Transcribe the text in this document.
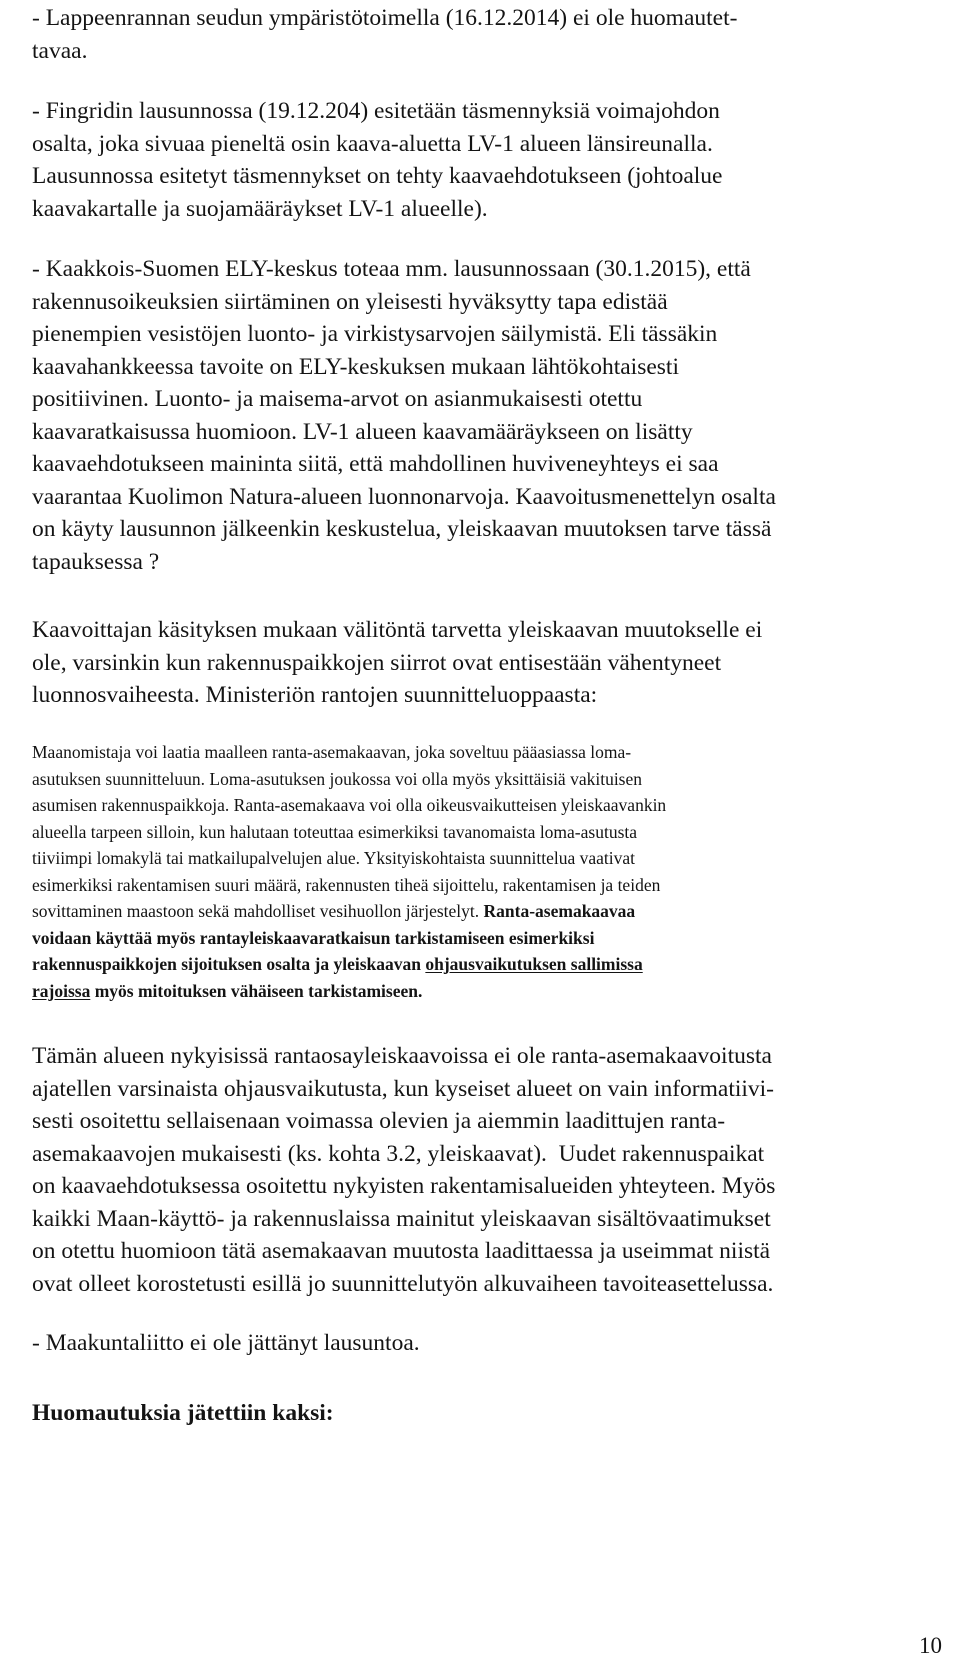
- Lappeenrannan seudun ympäristötoimella (16.12.2014) ei ole huomautet-
tavaa.
- Fingridin lausunnossa (19.12.204) esitetään täsmennyksiä voimajohdon
osalta, joka sivuaa pieneltä osin kaava-aluetta LV-1 alueen länsireunalla.
Lausunnossa esitetyt täsmennykset on tehty kaavaehdotukseen (johtoalue
kaavakartalle ja suojamääräykset LV-1 alueelle).
- Kaakkois-Suomen ELY-keskus toteaa mm. lausunnossaan (30.1.2015), että
rakennusoikeuksien siirtäminen on yleisesti hyväksytty tapa edistää
pienempien vesistöjen luonto- ja virkistysarvojen säilymistä. Eli tässäkin
kaavahankkeessa tavoite on ELY-keskuksen mukaan lähtökohtaisesti
positiivinen. Luonto- ja maisema-arvot on asianmukaisesti otettu
kaavaratkaisussa huomioon. LV-1 alueen kaavamääräykseen on lisätty
kaavaehdotukseen maininta siitä, että mahdollinen huviveneyhteys ei saa
vaarantaa Kuolimon Natura-alueen luonnonarvoja. Kaavoitusmenettelyn osalta
on käyty lausunnon jälkeenkin keskustelua, yleiskaavan muutoksen tarve tässä
tapauksessa ?
Kaavoittajan käsityksen mukaan välitöntä tarvetta yleiskaavan muutokselle ei
ole, varsinkin kun rakennuspaikkojen siirrot ovat entisestään vähentyneet
luonnosvaiheesta. Ministeriön rantojen suunnitteluoppaasta:
Maanomistaja voi laatia maalleen ranta-asemakaavan, joka soveltuu pääasiassa loma-
asutuksen suunnitteluun. Loma-asutuksen joukossa voi olla myös yksittäisiä vakituisen
asumisen rakennuspaikkoja. Ranta-asemakaava voi olla oikeusvaikutteisen yleiskaavankin
alueella tarpeen silloin, kun halutaan toteuttaa esimerkiksi tavanomaista loma-asutusta
tiiviimpi lomakylä tai matkailupalvelujen alue. Yksityiskohtaista suunnittelua vaativat
esimerkiksi rakentamisen suuri määrä, rakennusten tiheä sijoittelu, rakentamisen ja teiden
sovittaminen maastoon sekä mahdolliset vesihuollon järjestelyt. Ranta-asemakaavaa
voidaan käyttää myös rantayleiskaavaratkaisun tarkistamiseen esimerkiksi
rakennuspaikkojen sijoituksen osalta ja yleiskaavan ohjausvaikutuksen sallimissa
rajoissa myös mitoituksen vähäiseen tarkistamiseen.
Tämän alueen nykyisissä rantaosayleiskaavoissa ei ole ranta-asemakaavoitusta
ajatellen varsinaista ohjausvaikutusta, kun kyseiset alueet on vain informatiivi-
sesti osoitettu sellaisenaan voimassa olevien ja aiemmin laadittujen ranta-
asemakaavojen mukaisesti (ks. kohta 3.2, yleiskaavat).  Uudet rakennuspaikat
on kaavaehdotuksessa osoitettu nykyisten rakentamisalueiden yhteyteen. Myös
kaikki Maan-käyttö- ja rakennuslaissa mainitut yleiskaavan sisältövaatimukset
on otettu huomioon tätä asemakaavan muutosta laadittaessa ja useimmat niistä
ovat olleet korostetusti esillä jo suunnittelutyön alkuvaiheen tavoiteasettelussa.
- Maakuntaliitto ei ole jättänyt lausuntoa.
Huomautuksia jätettiin kaksi:
10
